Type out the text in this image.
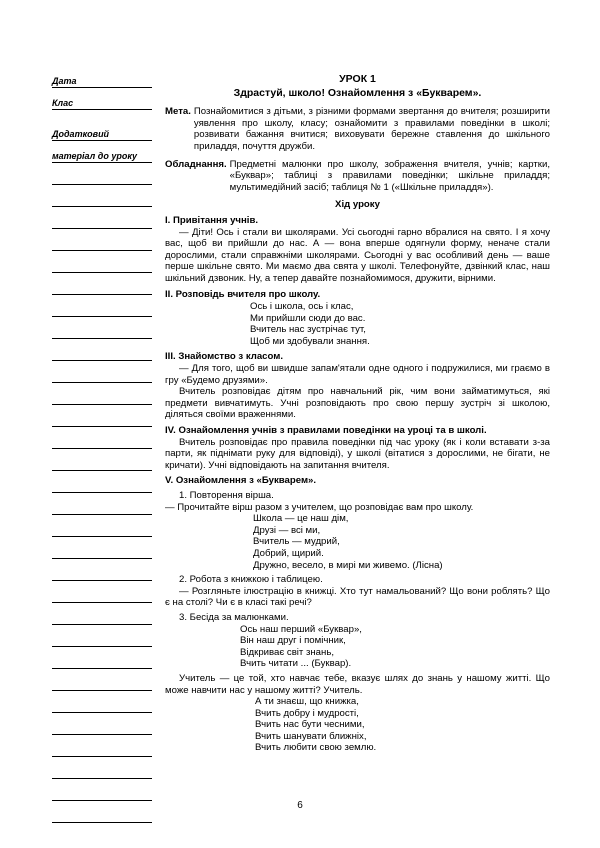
Дата
Клас
Додатковий
матеріал до уроку
УРОК 1
Здрастуй, школо! Ознайомлення з «Букварем».
Мета. Познайомитися з дітьми, з різними формами звертання до вчителя; розширити уявлення про школу, класу; ознайомити з правилами поведінки в школі; розвивати бажання вчитися; виховувати бережне ставлення до шкільного приладдя, почуття дружби.
Обладнання. Предметні малюнки про школу, зображення вчителя, учнів; картки, «Буквар»; таблиці з правилами поведінки; шкільне приладдя; мультимедійний засіб; таблиця № 1 («Шкільне приладдя»).
Хід уроку
І. Привітання учнів.
— Діти! Ось і стали ви школярами. Усі сьогодні гарно вбралися на свято. І я хочу вас, щоб ви прийшли до нас. А — вона вперше одягнули форму, неначе стали дорослими, стали справжніми школярами. Сьогодні у вас особливий день — ваше перше шкільне свято. Ми маємо два свята у школі. Телефонуйте, дзвінкий клас, наш шкільний дзвоник. Ну, а тепер давайте познайомимося, дружити, вірними.
ІІ. Розповідь вчителя про школу.
Ось і школа, ось і клас,
Ми прийшли сюди до вас.
Вчитель нас зустрічає тут,
Щоб ми здобували знання.
ІІІ. Знайомство з класом.
— Для того, щоб ви швидше запам'ятали одне одного і подружилися, ми граємо в гру «Будемо друзями».
Вчитель розповідає дітям про навчальний рік, чим вони займатимуться, які предмети вивчатимуть. Учні розповідають про свою першу зустріч зі школою, діляться своїми враженнями.
IV. Ознайомлення учнів з правилами поведінки на уроці та в школі.
Вчитель розповідає про правила поведінки під час уроку (як і коли вставати з-за парти, як піднімати руку для відповіді), у школі (вітатися з дорослими, не бігати, не кричати). Учні відповідають на запитання вчителя.
V. Ознайомлення з «Букварем».
1. Повторення вірша.
— Прочитайте вірш разом з учителем, що розповідає вам про школу.
Школа — це наш дім,
Друзі — всі ми,
Вчитель — мудрий,
Добрий, щирий.
Дружно, весело, в мирі ми живемо. (Лісна)
2. Робота з книжкою і таблицею.
— Розгляньте ілюстрацію в книжці. Хто тут намальований? Що вони роблять? Що є на столі? Чи є в класі такі речі?
3. Бесіда за малюнками.
Ось наш перший «Буквар»,
Він наш друг і помічник,
Відкриває світ знань,
Вчить читати ... (Буквар).
Учитель — це той, хто навчає тебе, вказує шлях до знань у нашому житті. Що може навчити нас у нашому житті? Учитель.
А ти знаєш, що книжка,
Вчить добру і мудрості,
Вчить нас бути чесними,
Вчить шанувати ближніх,
Вчить любити свою землю.
6
